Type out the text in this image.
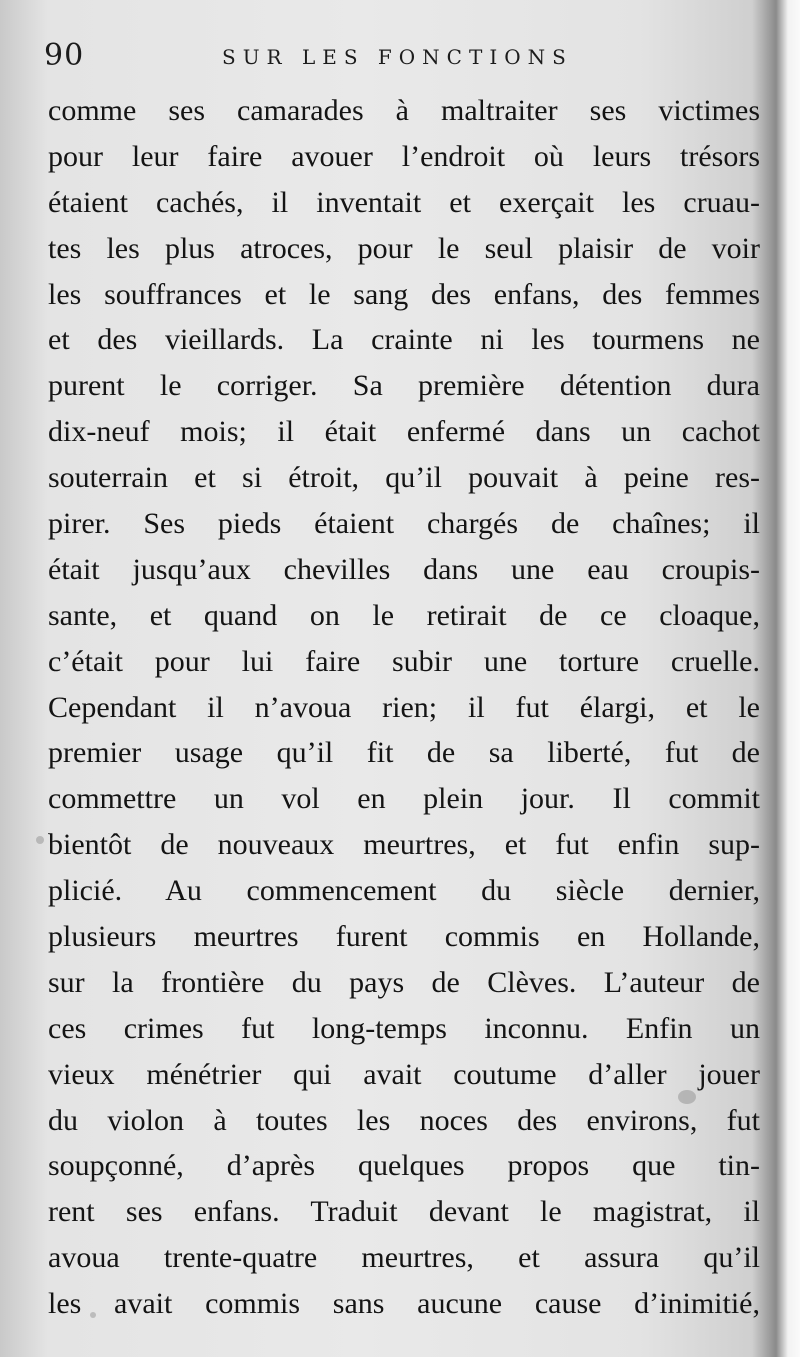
90	SUR LES FONCTIONS
comme ses camarades à maltraiter ses victimes
pour leur faire avouer l’endroit où leurs trésors
étaient cachés, il inventait et exerçait les cruau-
tes les plus atroces, pour le seul plaisir de voir
les souffrances et le sang des enfans, des femmes
et des vieillards. La crainte ni les tourmens ne
purent le corriger. Sa première détention dura
dix-neuf mois; il était enfermé dans un cachot
souterrain et si étroit, qu’il pouvait à peine res-
pirer. Ses pieds étaient chargés de chaînes; il
était jusqu’aux chevilles dans une eau croupis-
sante, et quand on le retirait de ce cloaque,
c’était pour lui faire subir une torture cruelle.
Cependant il n’avoua rien; il fut élargi, et le
premier usage qu’il fit de sa liberté, fut de
commettre un vol en plein jour. Il commit
bientôt de nouveaux meurtres, et fut enfin sup-
plicié. Au commencement du siècle dernier,
plusieurs meurtres furent commis en Hollande,
sur la frontière du pays de Clèves. L’auteur de
ces crimes fut long-temps inconnu. Enfin un
vieux ménétrier qui avait coutume d’aller jouer
du violon à toutes les noces des environs, fut
soupçonné, d’après quelques propos que tin-
rent ses enfans. Traduit devant le magistrat, il
avoua trente-quatre meurtres, et assura qu’il
les avait commis sans aucune cause d’inimitié,
